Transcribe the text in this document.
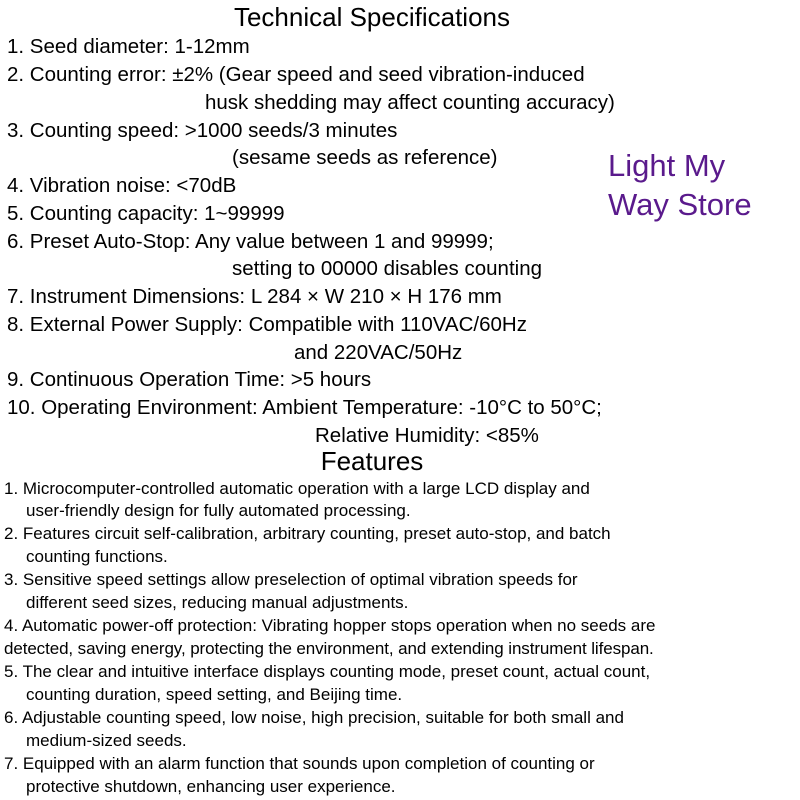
Technical Specifications
1. Seed diameter: 1-12mm
2. Counting error: ±2% (Gear speed and seed vibration-induced
husk shedding may affect counting accuracy)
3. Counting speed: >1000 seeds/3 minutes
(sesame seeds as reference)
4. Vibration noise: <70dB
5. Counting capacity: 1~99999
6. Preset Auto-Stop: Any value between 1 and 99999;
setting to 00000 disables counting
7. Instrument Dimensions: L 284 × W 210 × H 176 mm
8. External Power Supply: Compatible with 110VAC/60Hz
and 220VAC/50Hz
9. Continuous Operation Time: >5 hours
10. Operating Environment: Ambient Temperature: -10°C to 50°C;
Relative Humidity: <85%
Light My
Way Store
Features
1. Microcomputer-controlled automatic operation with a large LCD display and
user-friendly design for fully automated processing.
2. Features circuit self-calibration, arbitrary counting, preset auto-stop, and batch
counting functions.
3. Sensitive speed settings allow preselection of optimal vibration speeds for
different seed sizes, reducing manual adjustments.
4. Automatic power-off protection: Vibrating hopper stops operation when no seeds are
detected, saving energy, protecting the environment, and extending instrument lifespan.
5. The clear and intuitive interface displays counting mode, preset count, actual count,
counting duration, speed setting, and Beijing time.
6. Adjustable counting speed, low noise, high precision, suitable for both small and
medium-sized seeds.
7. Equipped with an alarm function that sounds upon completion of counting or
protective shutdown, enhancing user experience.
